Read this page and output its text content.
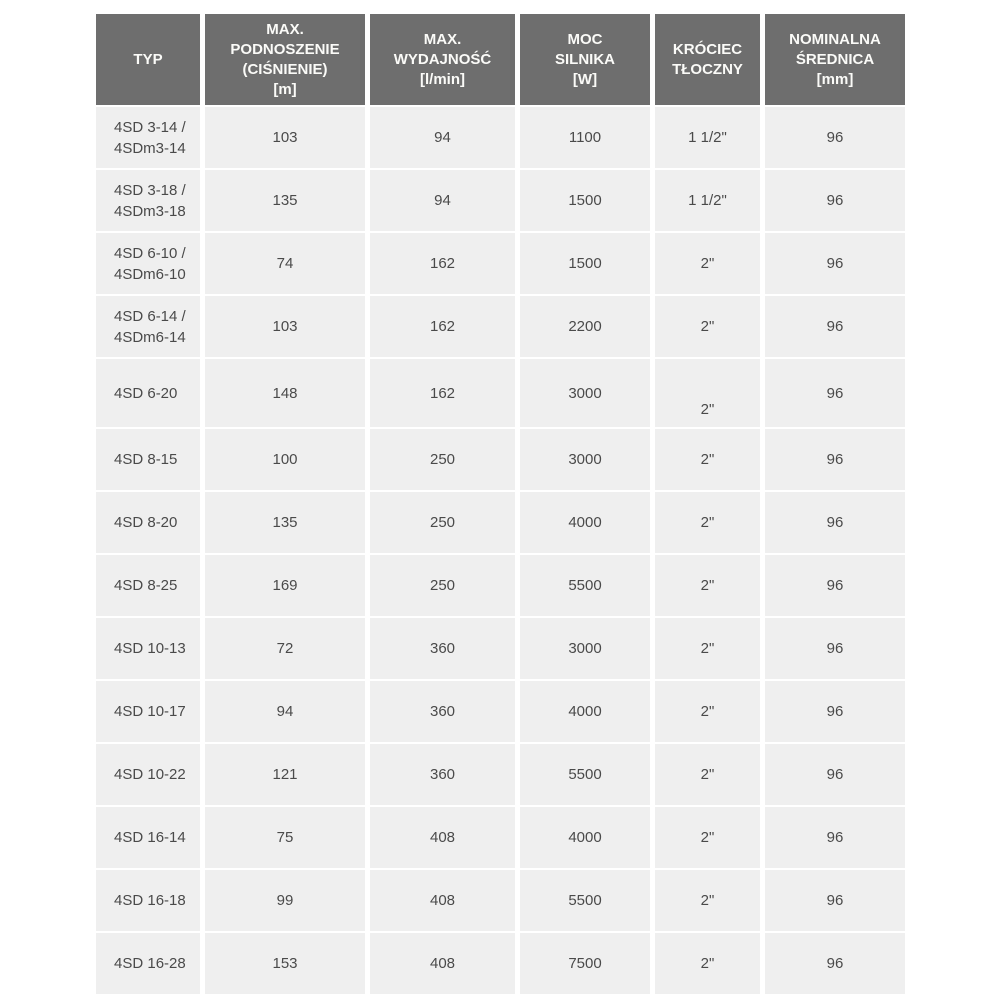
TYP	MAX.
PODNOSZENIE
(CIŚNIENIE)
[m]	MAX.
WYDAJNOŚĆ
[l/min]	MOC
SILNIKA
[W]	KRÓCIEC
TŁOCZNY	NOMINALNA
ŚREDNICA
[mm]
4SD 3-14 /
4SDm3-14	103	94	1100	1 1/2"	96
4SD 3-18 /
4SDm3-18	135	94	1500	1 1/2"	96
4SD 6-10 /
4SDm6-10	74	162	1500	2"	96
4SD 6-14 /
4SDm6-14	103	162	2200	2"	96
4SD 6-20	148	162	3000	2"	96
4SD 8-15	100	250	3000	2"	96
4SD 8-20	135	250	4000	2"	96
4SD 8-25	169	250	5500	2"	96
4SD 10-13	72	360	3000	2"	96
4SD 10-17	94	360	4000	2"	96
4SD 10-22	121	360	5500	2"	96
4SD 16-14	75	408	4000	2"	96
4SD 16-18	99	408	5500	2"	96
4SD 16-28	153	408	7500	2"	96
